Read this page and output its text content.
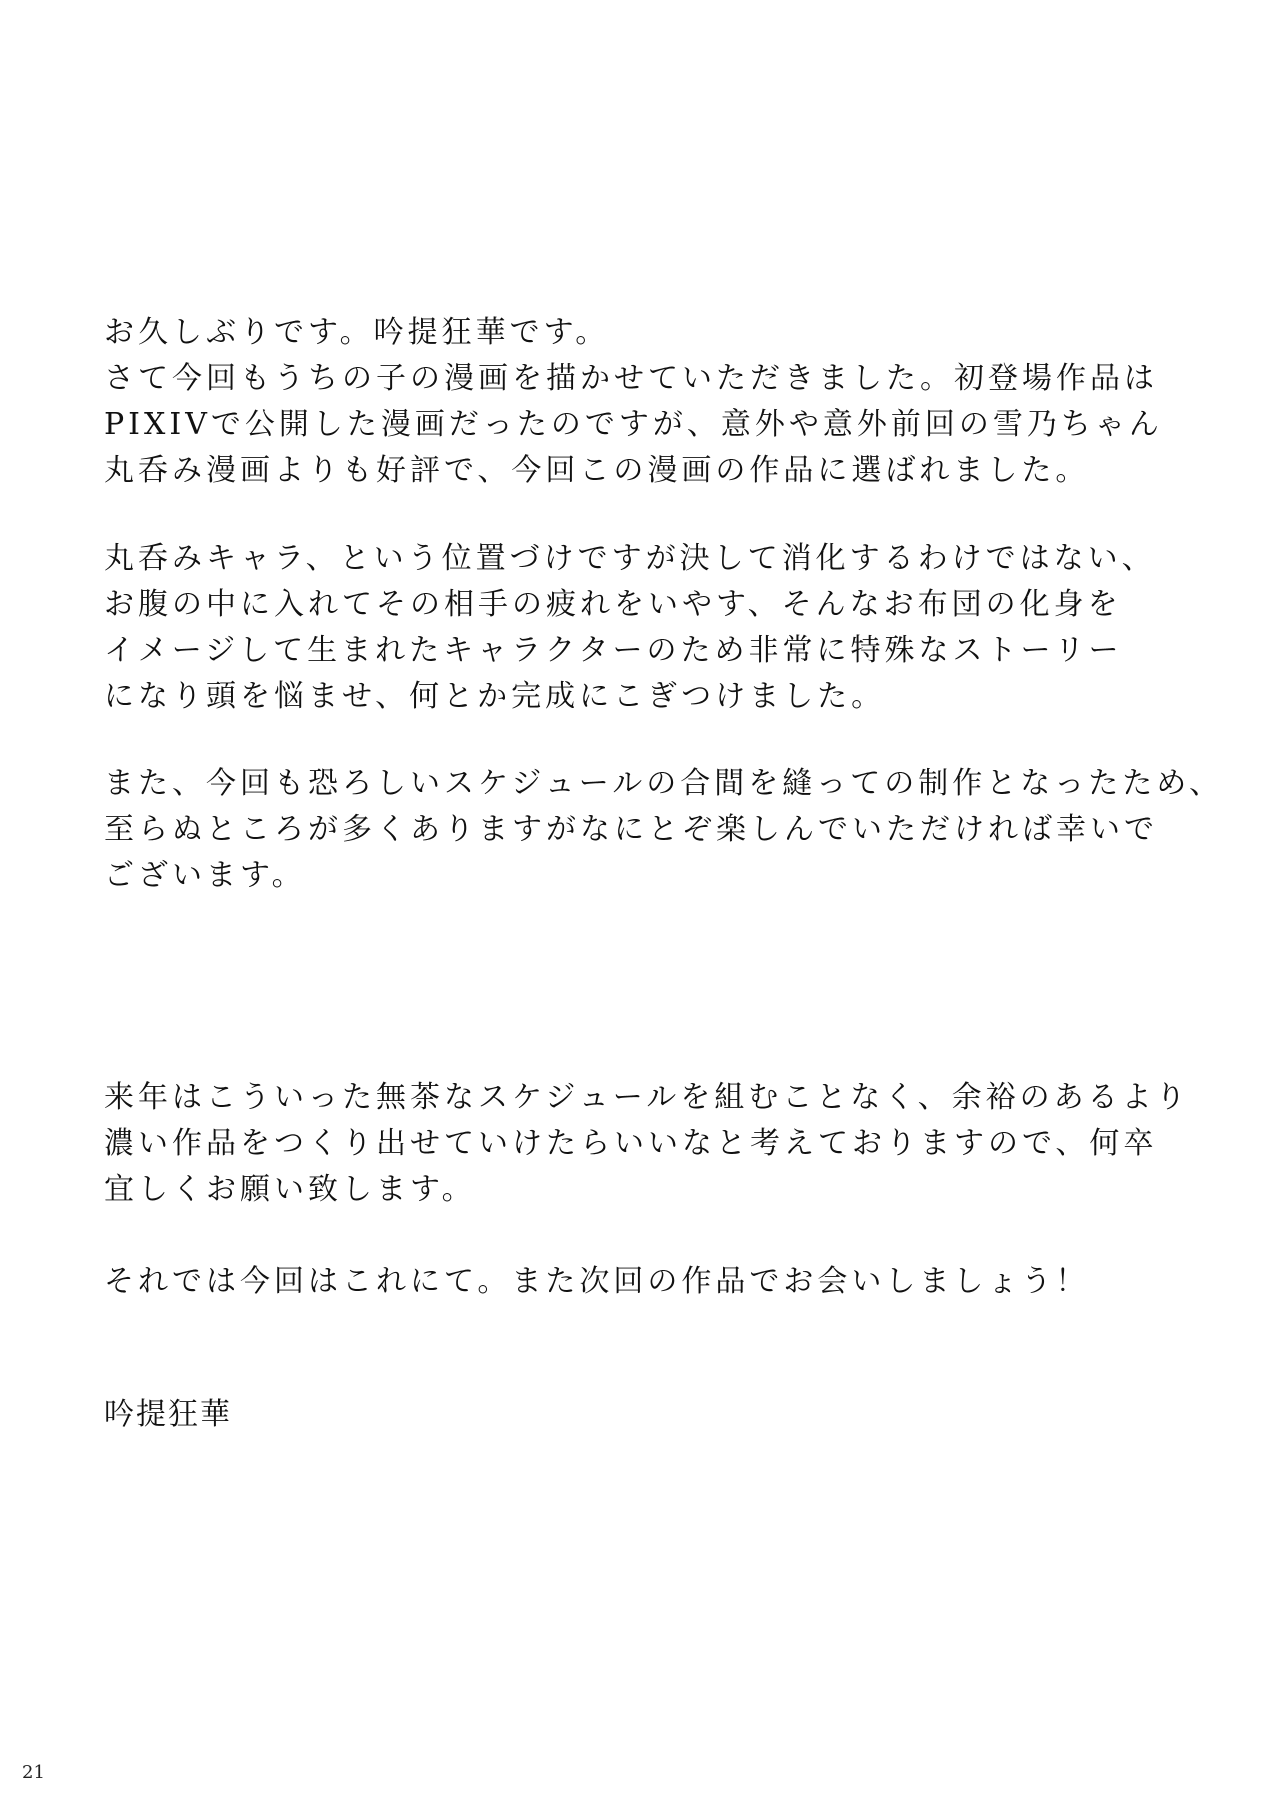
お久しぶりです。吟提狂華です。
さて今回もうちの子の漫画を描かせていただきました。初登場作品は
PIXIVで公開した漫画だったのですが、意外や意外前回の雪乃ちゃん
丸呑み漫画よりも好評で、今回この漫画の作品に選ばれました。
丸呑みキャラ、という位置づけですが決して消化するわけではない、
お腹の中に入れてその相手の疲れをいやす、そんなお布団の化身を
イメージして生まれたキャラクターのため非常に特殊なストーリー
になり頭を悩ませ、何とか完成にこぎつけました。
また、今回も恐ろしいスケジュールの合間を縫っての制作となったため、
至らぬところが多くありますがなにとぞ楽しんでいただければ幸いで
ございます。
来年はこういった無茶なスケジュールを組むことなく、余裕のあるより
濃い作品をつくり出せていけたらいいなと考えておりますので、何卒
宜しくお願い致します。
それでは今回はこれにて。また次回の作品でお会いしましょう！
吟提狂華
21
